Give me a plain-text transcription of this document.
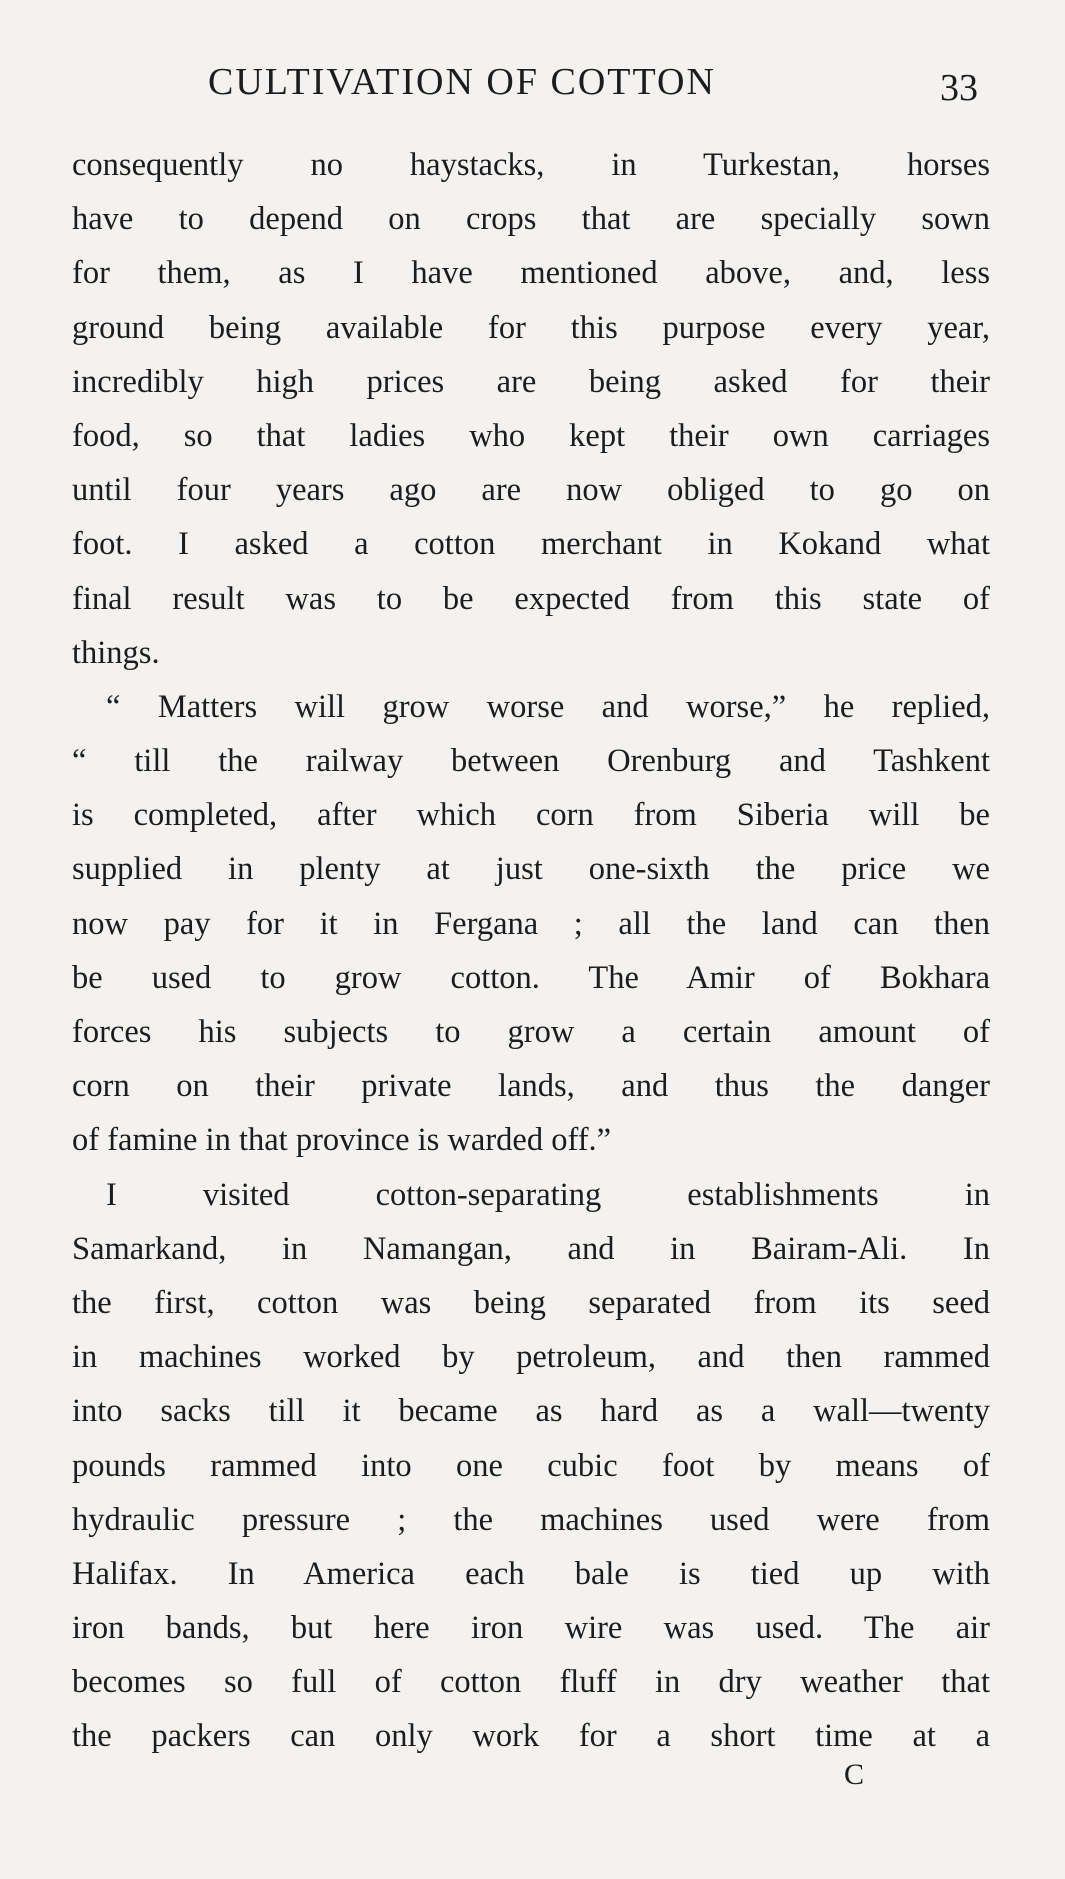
CULTIVATION OF COTTON	33
consequently no haystacks, in Turkestan, horses
have to depend on crops that are specially sown
for them, as I have mentioned above, and, less
ground being available for this purpose every year,
incredibly high prices are being asked for their
food, so that ladies who kept their own carriages
until four years ago are now obliged to go on
foot. I asked a cotton merchant in Kokand what
final result was to be expected from this state of
things.
“ Matters will grow worse and worse,” he replied,
“ till the railway between Orenburg and Tashkent
is completed, after which corn from Siberia will be
supplied in plenty at just one-sixth the price we
now pay for it in Fergana ; all the land can then
be used to grow cotton. The Amir of Bokhara
forces his subjects to grow a certain amount of
corn on their private lands, and thus the danger
of famine in that province is warded off.”
I visited cotton-separating establishments in
Samarkand, in Namangan, and in Bairam-Ali. In
the first, cotton was being separated from its seed
in machines worked by petroleum, and then rammed
into sacks till it became as hard as a wall—twenty
pounds rammed into one cubic foot by means of
hydraulic pressure ; the machines used were from
Halifax. In America each bale is tied up with
iron bands, but here iron wire was used. The air
becomes so full of cotton fluff in dry weather that
the packers can only work for a short time at a
C
